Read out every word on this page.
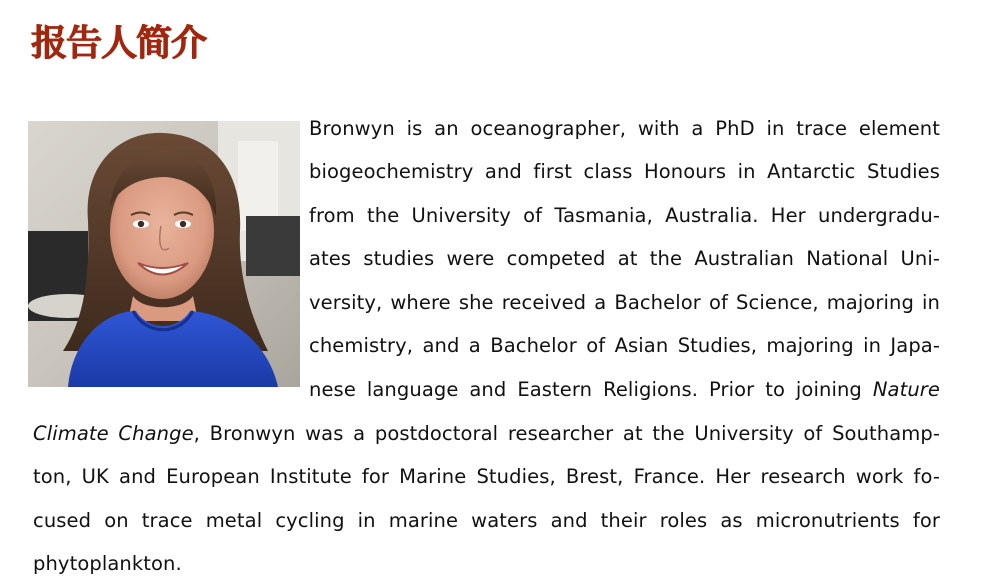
报告人简介

Bronwyn is an oceanographer, with a PhD in trace element

biogeochemistry and first class Honours in Antarctic Studies

from the University of Tasmania, Australia. Her undergradu-

ates studies were competed at the Australian National Uni-

versity, where she received a Bachelor of Science, majoring in

chemistry, and a Bachelor of Asian Studies, majoring in Japa-

nese language and Eastern Religions. Prior to joining Nature

Climate Change, Bronwyn was a postdoctoral researcher at the University of Southamp-

ton, UK and European Institute for Marine Studies, Brest, France. Her research work fo-

cused on trace metal cycling in marine waters and their roles as micronutrients for

phytoplankton.
